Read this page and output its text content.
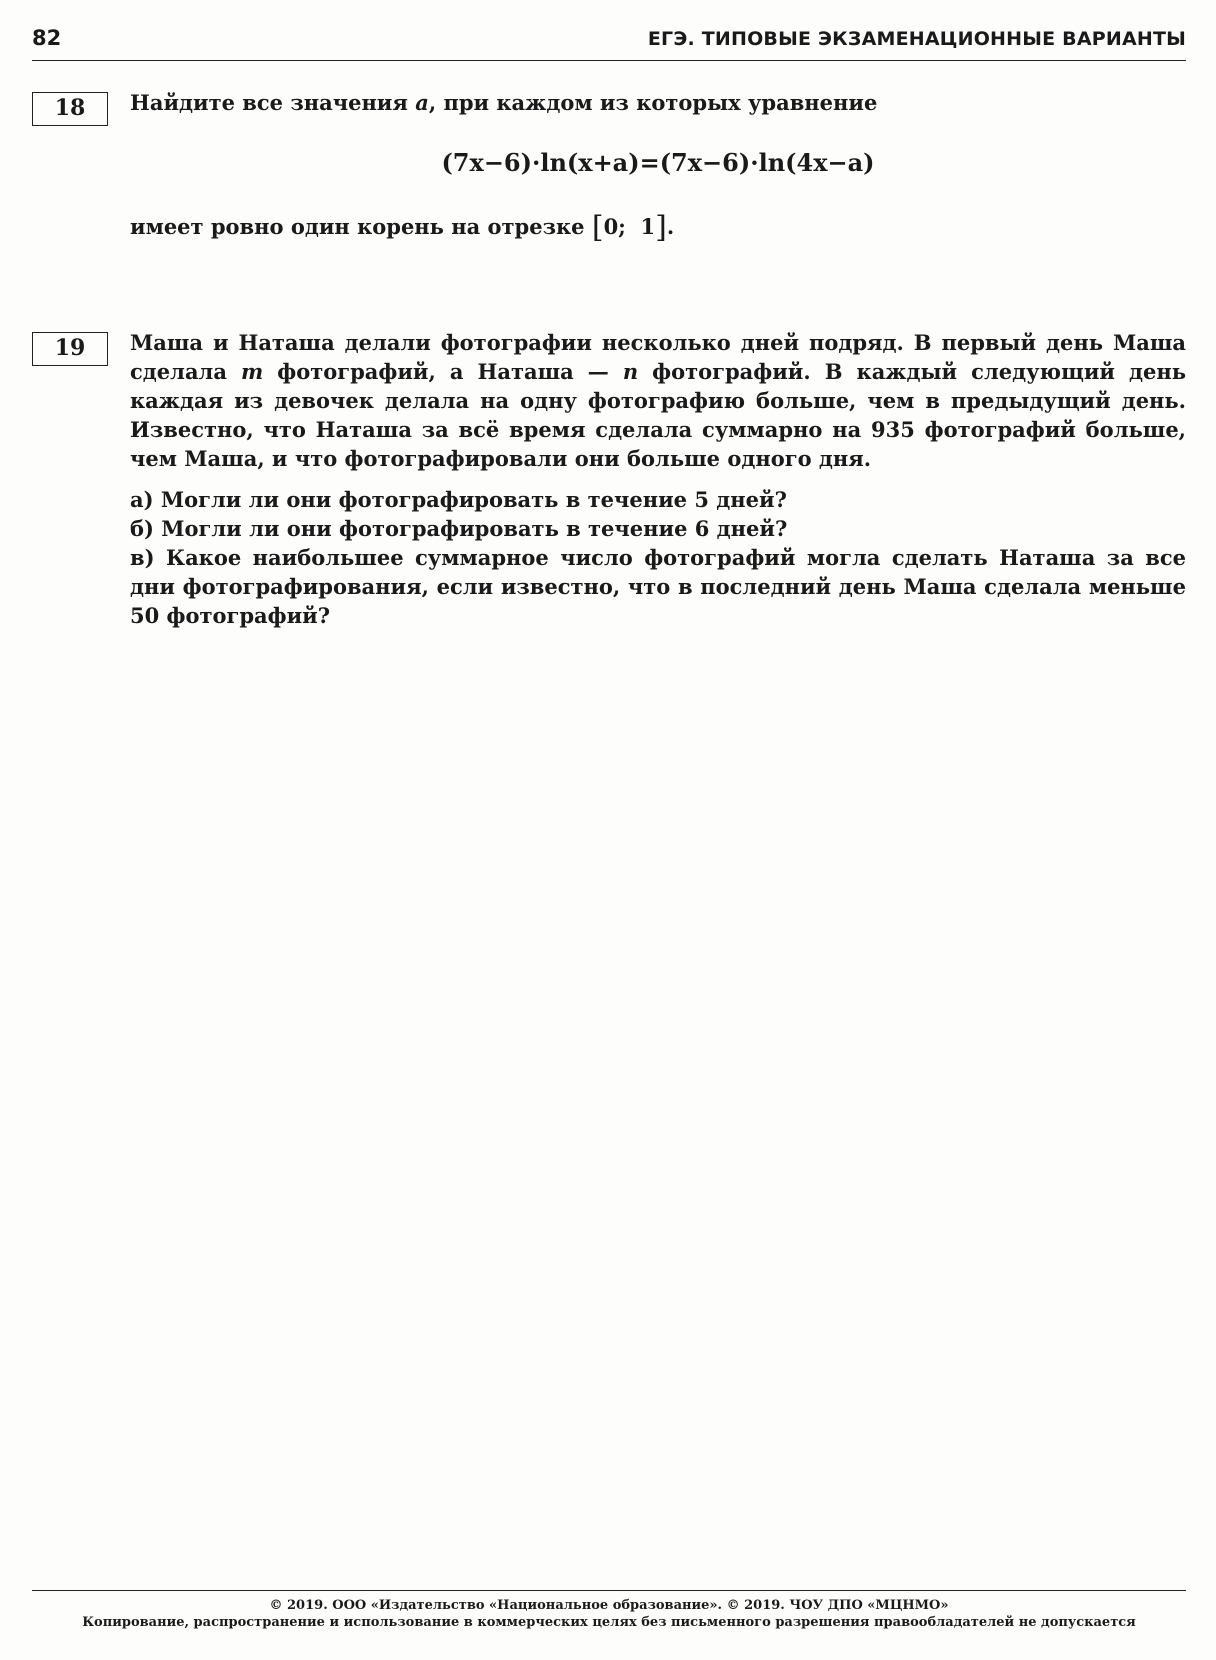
82	ЕГЭ. ТИПОВЫЕ ЭКЗАМЕНАЦИОННЫЕ ВАРИАНТЫ
18	Найдите все значения a, при каждом из которых уравнение
(7x−6)·ln(x+a)=(7x−6)·ln(4x−a)
имеет ровно один корень на отрезке [0;  1].
19	Маша и Наташа делали фотографии несколько дней подряд. В первый день Маша сделала m фотографий, а Наташа — n фотографий. В каждый следующий день каждая из девочек делала на одну фотографию больше, чем в предыдущий день. Известно, что Наташа за всё время сделала суммарно на 935 фотографий больше, чем Маша, и что фотографировали они больше одного дня.

а) Могли ли они фотографировать в течение 5 дней?

б) Могли ли они фотографировать в течение 6 дней?

в) Какое наибольшее суммарное число фотографий могла сделать Наташа за все дни фотографирования, если известно, что в последний день Маша сделала меньше 50 фотографий?

© 2019. ООО «Издательство «Национальное образование». © 2019. ЧОУ ДПО «МЦНМО»
Копирование, распространение и использование в коммерческих целях без письменного разрешения правообладателей не допускается
